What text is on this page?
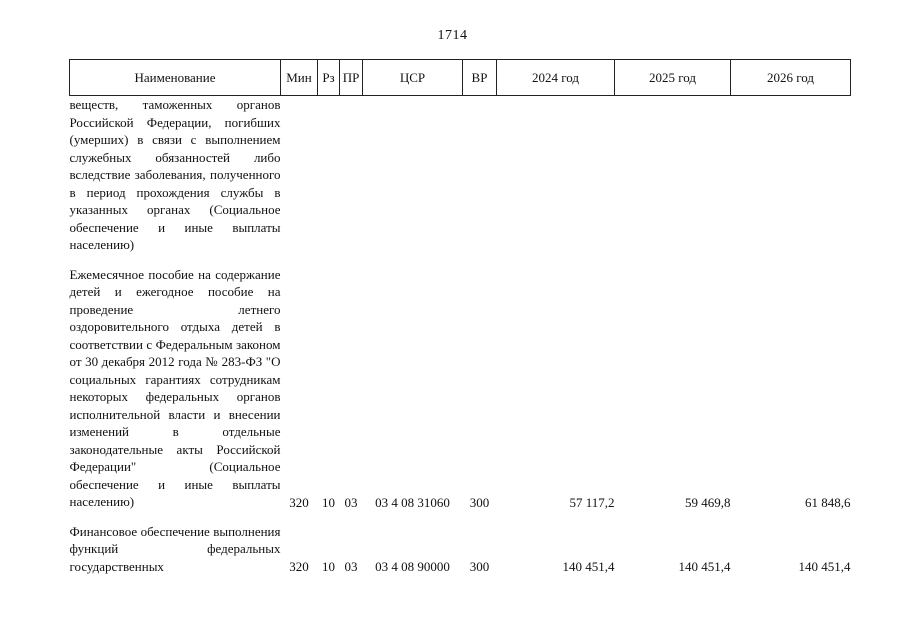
1714
Наименование	Мин	Рз	ПР	ЦСР	ВР	2024 год	2025 год	2026 год

веществ, таможенных органов Российской Федерации, погибших (умерших) в связи с выполнением служебных обязанностей либо вследствие заболевания, полученного в период прохождения службы в указанных органах (Социальное обеспечение и иные выплаты населению)								

Ежемесячное пособие на содержание детей и ежегодное пособие на проведение летнего оздоровительного отдыха детей в соответствии с Федеральным законом от 30 декабря 2012 года № 283-ФЗ "О социальных гарантиях сотрудникам некоторых федеральных органов исполнительной власти и внесении изменений в отдельные законодательные акты Российской Федерации" (Социальное обеспечение и иные выплаты населению)	320	10	03	03 4 08 31060	300	57 117,2	59 469,8	61 848,6

Финансовое обеспечение выполнения функций федеральных государственных	320	10	03	03 4 08 90000	300	140 451,4	140 451,4	140 451,4
